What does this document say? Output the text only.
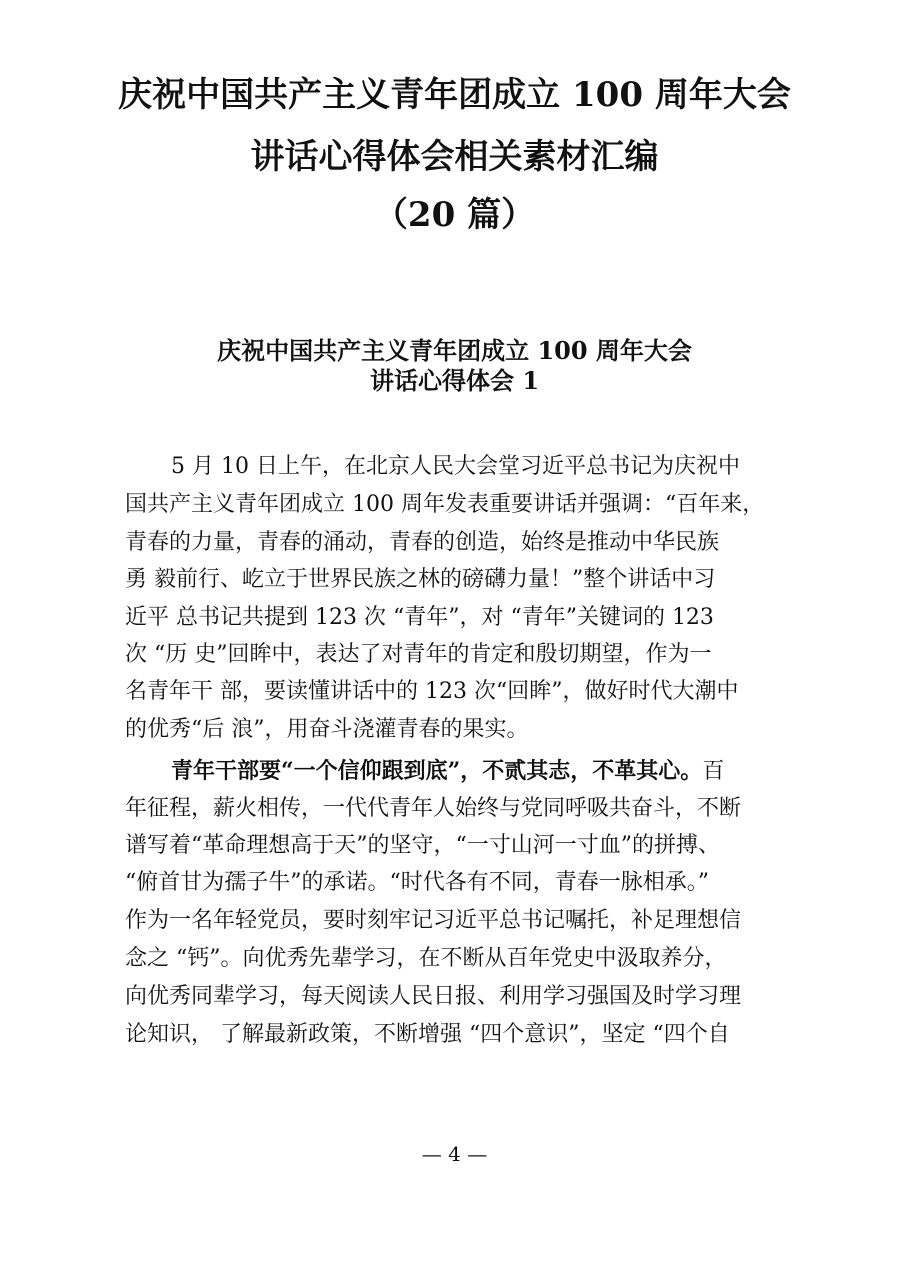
庆祝中国共产主义青年团成立 100 周年大会
讲话心得体会相关素材汇编
（20 篇）
庆祝中国共产主义青年团成立 100 周年大会
讲话心得体会 1

5 月 10 日上午，在北京人民大会堂习近平总书记为庆祝中

国共产主义青年团成立 100 周年发表重要讲话并强调：“百年来，

青春的力量，青春的涌动，青春的创造，始终是推动中华民族

勇 毅前行、屹立于世界民族之林的磅礴力量！”整个讲话中习

近平 总书记共提到 123 次 “青年”，对 “青年”关键词的 123

次 “历 史”回眸中，表达了对青年的肯定和殷切期望，作为一

名青年干 部，要读懂讲话中的 123 次“回眸”，做好时代大潮中

的优秀“后 浪”，用奋斗浇灌青春的果实。

青年干部要“一个信仰跟到底”，不贰其志，不革其心。百

年征程，薪火相传，一代代青年人始终与党同呼吸共奋斗，不断

谱写着“革命理想高于天”的坚守，“一寸山河一寸血”的拼搏、

“俯首甘为孺子牛”的承诺。“时代各有不同，青春一脉相承。”

作为一名年轻党员，要时刻牢记习近平总书记嘱托，补足理想信

念之 “钙”。向优秀先辈学习，在不断从百年党史中汲取养分，

向优秀同辈学习，每天阅读人民日报、利用学习强国及时学习理

论知识， 了解最新政策，不断增强 “四个意识”，坚定 “四个自

— 4 —
